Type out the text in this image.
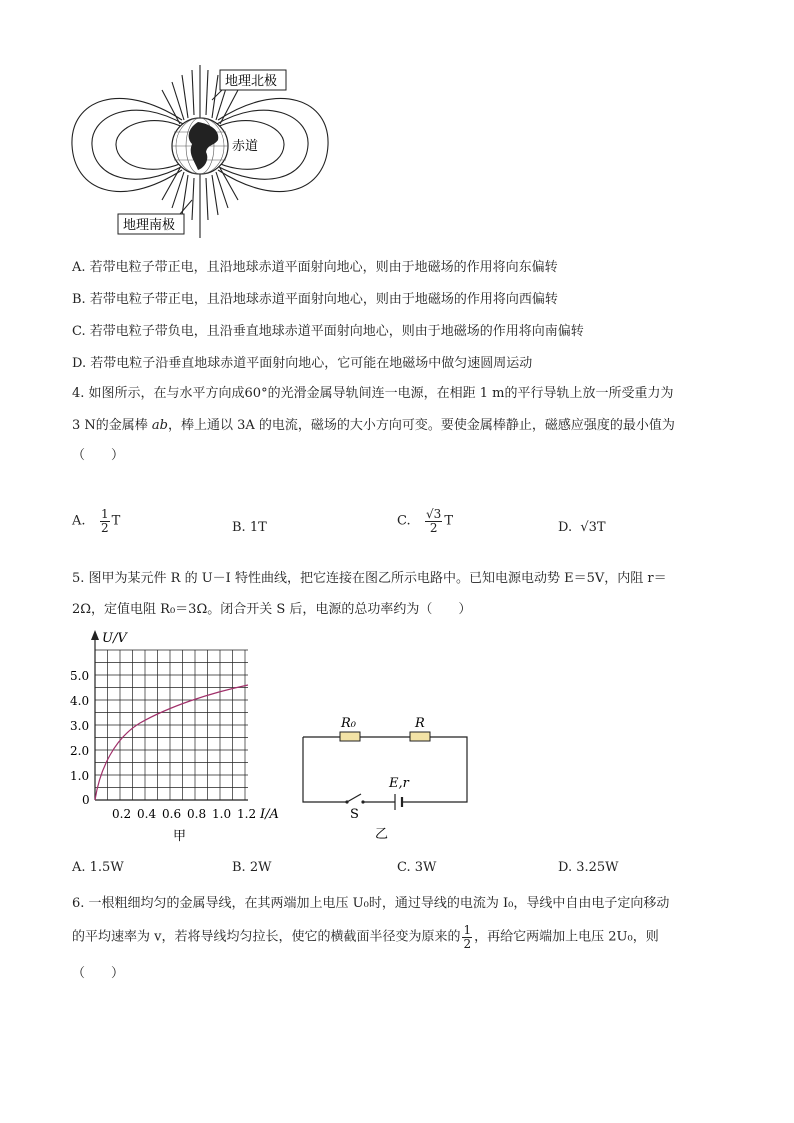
地理北极
地理南极
赤道
A. 若带电粒子带正电，且沿地球赤道平面射向地心，则由于地磁场的作用将向东偏转
B. 若带电粒子带正电，且沿地球赤道平面射向地心，则由于地磁场的作用将向西偏转
C. 若带电粒子带负电，且沿垂直地球赤道平面射向地心，则由于地磁场的作用将向南偏转
D. 若带电粒子沿垂直地球赤道平面射向地心，它可能在地磁场中做匀速圆周运动
4. 如图所示，在与水平方向成60°的光滑金属导轨间连一电源，在相距 1 m的平行导轨上放一所受重力为
3 N的金属棒 ab，棒上通以 3A 的电流，磁场的大小方向可变。要使金属棒静止，磁感应强度的最小值为
（　　）
A. $\frac{1}{2}$ T	B. 1T	C. $\frac{√3}{2}$ T	D. √3T
5. 图甲为某元件 R 的 U－I 特性曲线，把它连接在图乙所示电路中。已知电源电动势 E＝5V，内阻 r＝
2Ω，定值电阻 R₀＝3Ω。闭合开关 S 后，电源的总功率约为（　　）
U/V
5.0
4.0
3.0
2.0
1.0
0
0.2 0.4 0.6 0.8 1.0 1.2 I/A
甲
R₀	R
E,r
S
乙
A. 1.5W	B. 2W	C. 3W	D. 3.25W
6. 一根粗细均匀的金属导线，在其两端加上电压 U₀时，通过导线的电流为 I₀，导线中自由电子定向移动
的平均速率为 v，若将导线均匀拉长，使它的横截面半径变为原来的 $\frac{1}{2}$ ，再给它两端加上电压 2U₀，则
（　　）
